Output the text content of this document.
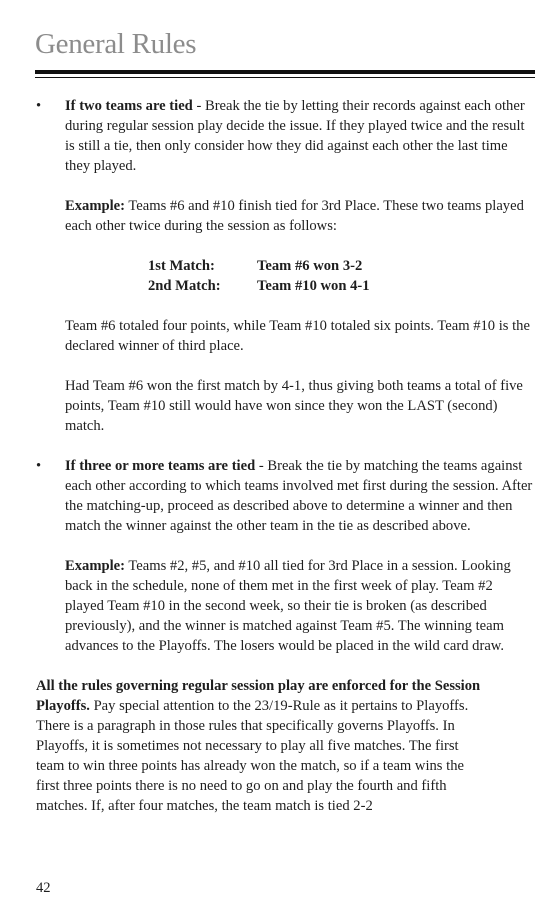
General Rules
• If two teams are tied - Break the tie by letting their records against each other during regular session play decide the issue. If they played twice and the result is still a tie, then only consider how they did against each other the last time they played.

Example: Teams #6 and #10 finish tied for 3rd Place. These two teams played each other twice during the session as follows:

1st Match:	Team #6 won 3-2
2nd Match:	Team #10 won 4-1

Team #6 totaled four points, while Team #10 totaled six points. Team #10 is the declared winner of third place.

Had Team #6 won the first match by 4-1, thus giving both teams a total of five points, Team #10 still would have won since they won the LAST (second) match.

• If three or more teams are tied - Break the tie by matching the teams against each other according to which teams involved met first during the session. After the matching-up, proceed as described above to determine a winner and then match the winner against the other team in the tie as described above.

Example: Teams #2, #5, and #10 all tied for 3rd Place in a session. Looking back in the schedule, none of them met in the first week of play. Team #2 played Team #10 in the second week, so their tie is broken (as described previously), and the winner is matched against Team #5. The winning team advances to the Playoffs. The losers would be placed in the wild card draw.

All the rules governing regular session play are enforced for the Session Playoffs. Pay special attention to the 23/19-Rule as it pertains to Playoffs. There is a paragraph in those rules that specifically governs Playoffs. In Playoffs, it is sometimes not necessary to play all five matches. The first team to win three points has already won the match, so if a team wins the first three points there is no need to go on and play the fourth and fifth matches. If, after four matches, the team match is tied 2-2

42
